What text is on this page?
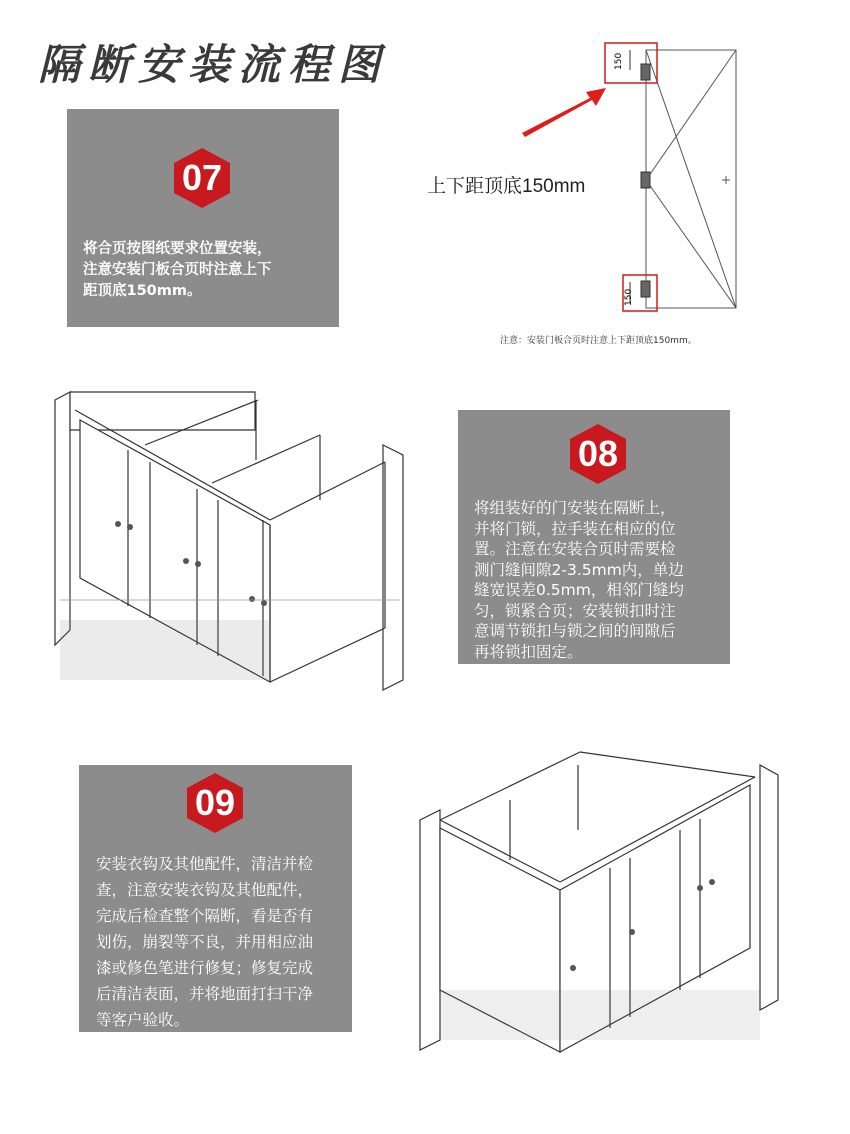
隔断安装流程图
07
将合页按图纸要求位置安装，
注意安装门板合页时注意上下
距顶底150mm。
150
150
上下距顶底150mm
注意：安装门板合页时注意上下距顶底150mm。
08
将组装好的门安装在隔断上，
并将门锁，拉手装在相应的位
置。注意在安装合页时需要检
测门缝间隙2-3.5mm内，单边
缝宽误差0.5mm，相邻门缝均
匀，锁紧合页；安装锁扣时注
意调节锁扣与锁之间的间隙后
再将锁扣固定。
09
安装衣钩及其他配件，清洁并检
查，注意安装衣钩及其他配件，
完成后检查整个隔断，看是否有
划伤，崩裂等不良，并用相应油
漆或修色笔进行修复；修复完成
后清洁表面，并将地面打扫干净
等客户验收。
